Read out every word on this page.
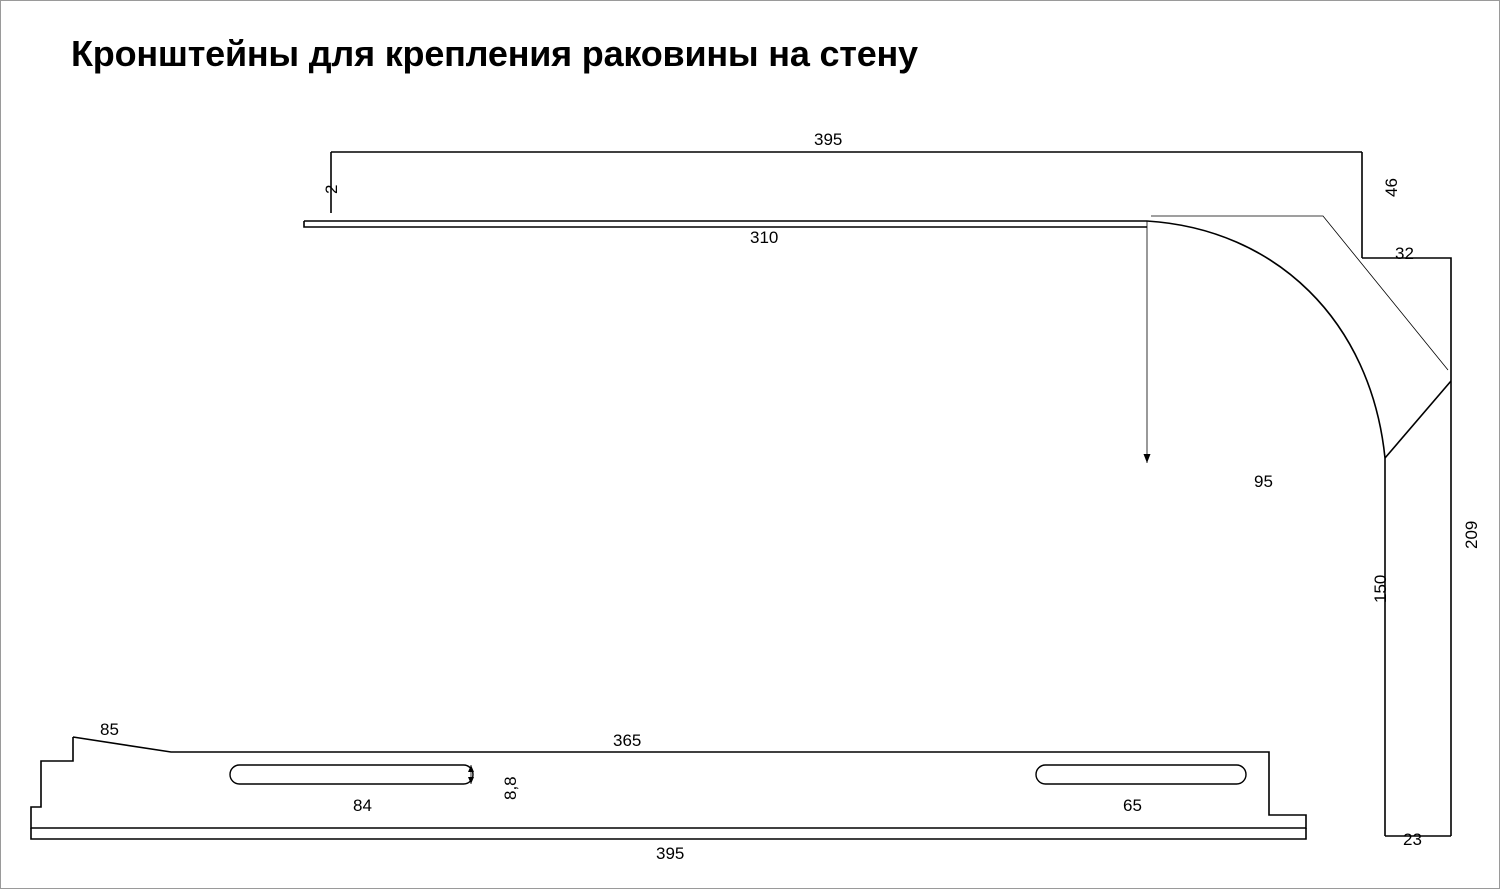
Кронштейны для крепления раковины на стену
395
2	46
310
32
95
209
150
23
85
365
8,8
84	65
395
